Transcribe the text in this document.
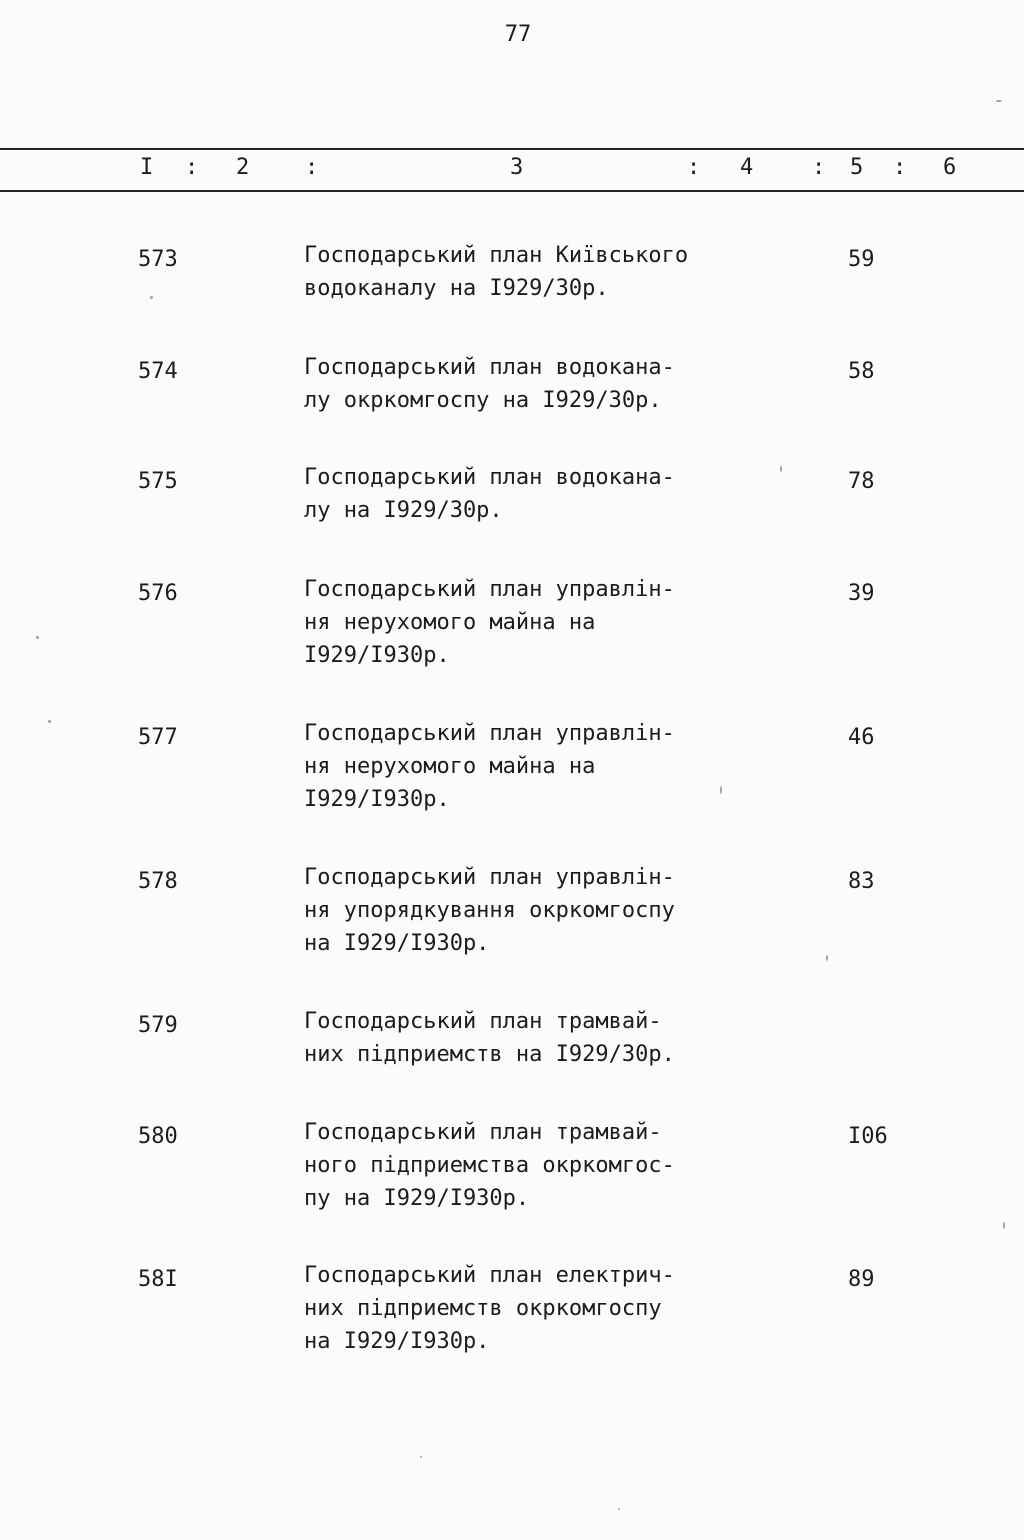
77
I : 2	:	3	: 4	: 5 : 6
573	Господарський план Київського
водоканалу на I929/30р.
59
574	Господарський план водокана-
лу окркомгоспу на I929/30р.
58
575	Господарський план водокана-
лу на I929/30р.
78
576	Господарський план управлін-
ня нерухомого майна на
I929/I930р.
39
577	Господарський план управлін-
ня нерухомого майна на
I929/I930р.
46
578	Господарський план управлін-
ня упорядкування окркомгоспу
на I929/I930р.
83
579	Господарський план трамвай-
них підприемств на I929/30р.
580	Господарський план трамвай-
ного підприемства окркомгос-
пу на I929/I930р.
I06
58I	Господарський план електрич-
них підприемств окркомгоспу
на I929/I930р.
89
